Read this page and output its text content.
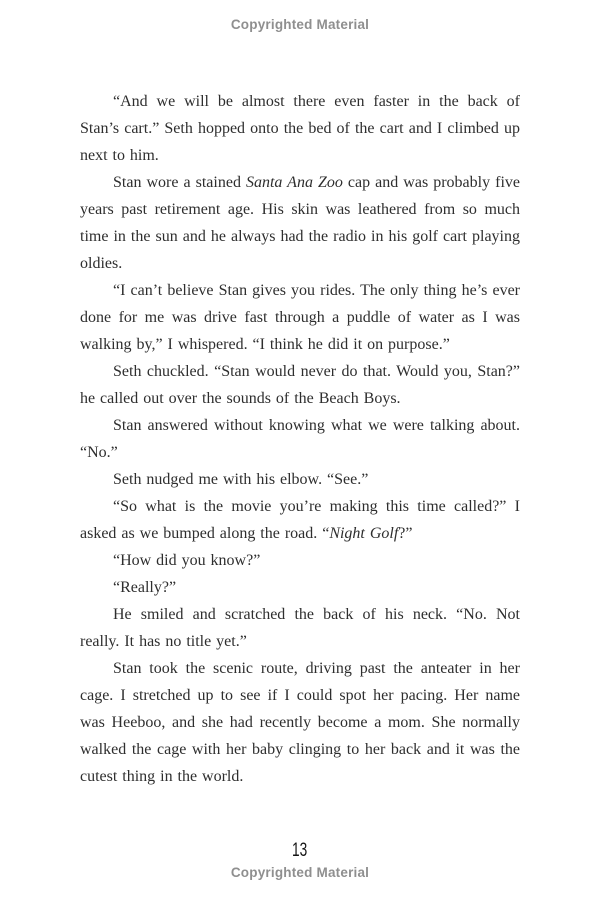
Copyrighted Material

“And we will be almost there even faster in the back of Stan’s cart.” Seth hopped onto the bed of the cart and I climbed up next to him.

Stan wore a stained Santa Ana Zoo cap and was probably five years past retirement age. His skin was leathered from so much time in the sun and he always had the radio in his golf cart playing oldies.

“I can’t believe Stan gives you rides. The only thing he’s ever done for me was drive fast through a puddle of water as I was walking by,” I whispered. “I think he did it on purpose.”

Seth chuckled. “Stan would never do that. Would you, Stan?” he called out over the sounds of the Beach Boys.

Stan answered without knowing what we were talking about. “No.”

Seth nudged me with his elbow. “See.”

“So what is the movie you’re making this time called?” I asked as we bumped along the road. “Night Golf?”

“How did you know?”

“Really?”

He smiled and scratched the back of his neck. “No. Not really. It has no title yet.”

Stan took the scenic route, driving past the anteater in her cage. I stretched up to see if I could spot her pacing. Her name was Heeboo, and she had recently become a mom. She normally walked the cage with her baby clinging to her back and it was the cutest thing in the world.

13
Copyrighted Material
